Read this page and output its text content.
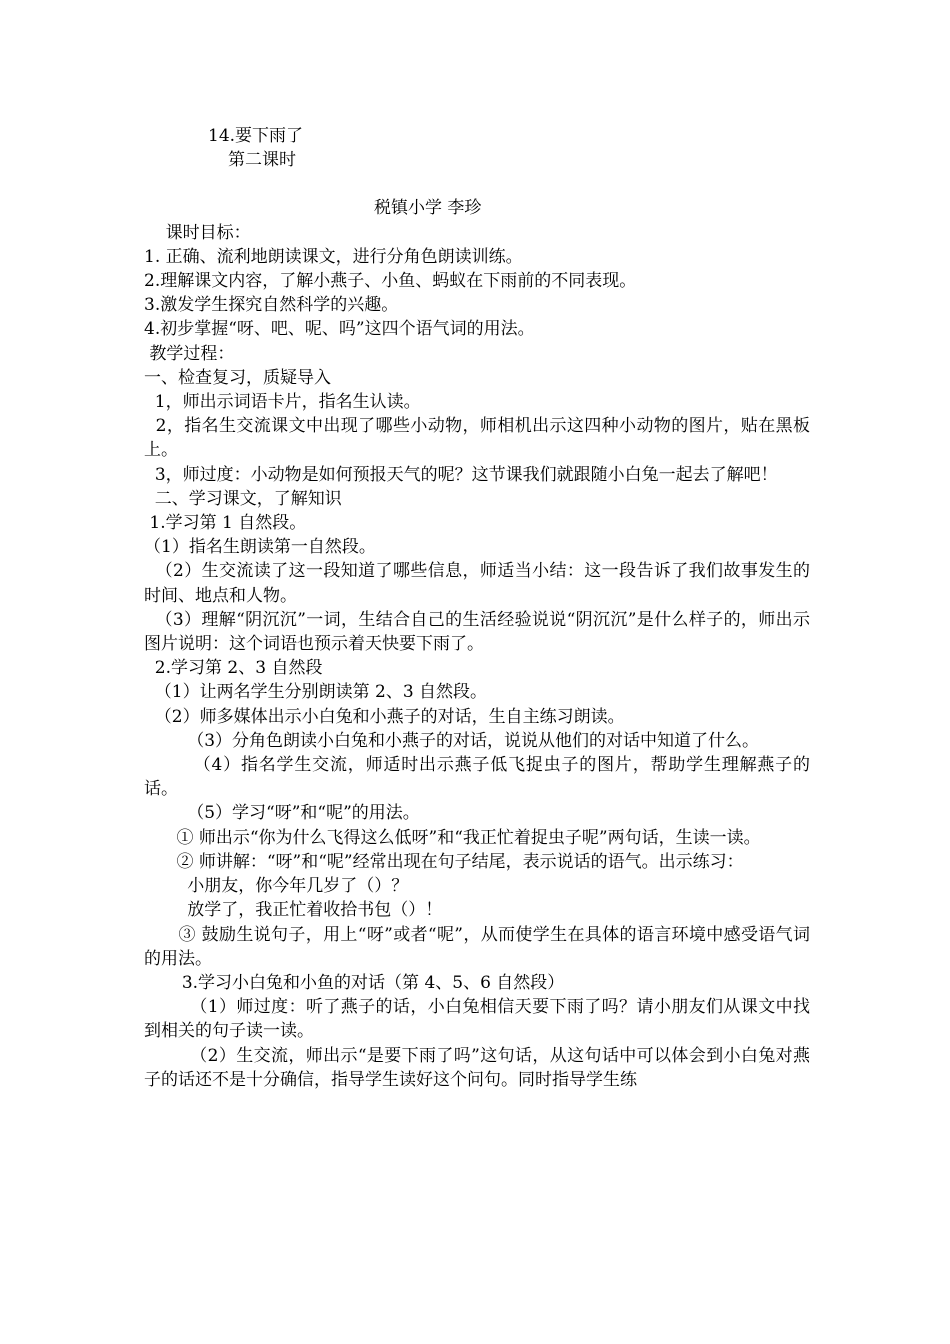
14.要下雨了
第二课时
税镇小学 李珍
课时目标：
1. 正确、流利地朗读课文，进行分角色朗读训练。
2.理解课文内容，了解小燕子、小鱼、蚂蚁在下雨前的不同表现。
3.激发学生探究自然科学的兴趣。
4.初步掌握“呀、吧、呢、吗”这四个语气词的用法。
教学过程：
一、检查复习，质疑导入
1，师出示词语卡片，指名生认读。
2，指名生交流课文中出现了哪些小动物，师相机出示这四种小动物的图片，贴在黑板上。
3，师过度：小动物是如何预报天气的呢？这节课我们就跟随小白兔一起去了解吧！
二、学习课文，了解知识
1.学习第 1 自然段。
（1）指名生朗读第一自然段。
（2）生交流读了这一段知道了哪些信息，师适当小结：这一段告诉了我们故事发生的时间、地点和人物。
（3）理解“阴沉沉”一词，生结合自己的生活经验说说“阴沉沉”是什么样子的，师出示图片说明：这个词语也预示着天快要下雨了。
2.学习第 2、3 自然段
（1）让两名学生分别朗读第 2、3 自然段。
（2）师多媒体出示小白兔和小燕子的对话，生自主练习朗读。
（3）分角色朗读小白兔和小燕子的对话，说说从他们的对话中知道了什么。
（4）指名学生交流，师适时出示燕子低飞捉虫子的图片，帮助学生理解燕子的话。
（5）学习“呀”和“呢”的用法。
① 师出示“你为什么飞得这么低呀”和“我正忙着捉虫子呢”两句话，生读一读。
② 师讲解：“呀”和“呢”经常出现在句子结尾，表示说话的语气。出示练习：
小朋友，你今年几岁了（）？
放学了，我正忙着收拾书包（）！
③ 鼓励生说句子，用上“呀”或者“呢”，从而使学生在具体的语言环境中感受语气词的用法。
3.学习小白兔和小鱼的对话（第 4、5、6 自然段）
（1）师过度：听了燕子的话，小白兔相信天要下雨了吗？请小朋友们从课文中找到相关的句子读一读。
（2）生交流，师出示“是要下雨了吗”这句话，从这句话中可以体会到小白兔对燕子的话还不是十分确信，指导学生读好这个问句。同时指导学生练
